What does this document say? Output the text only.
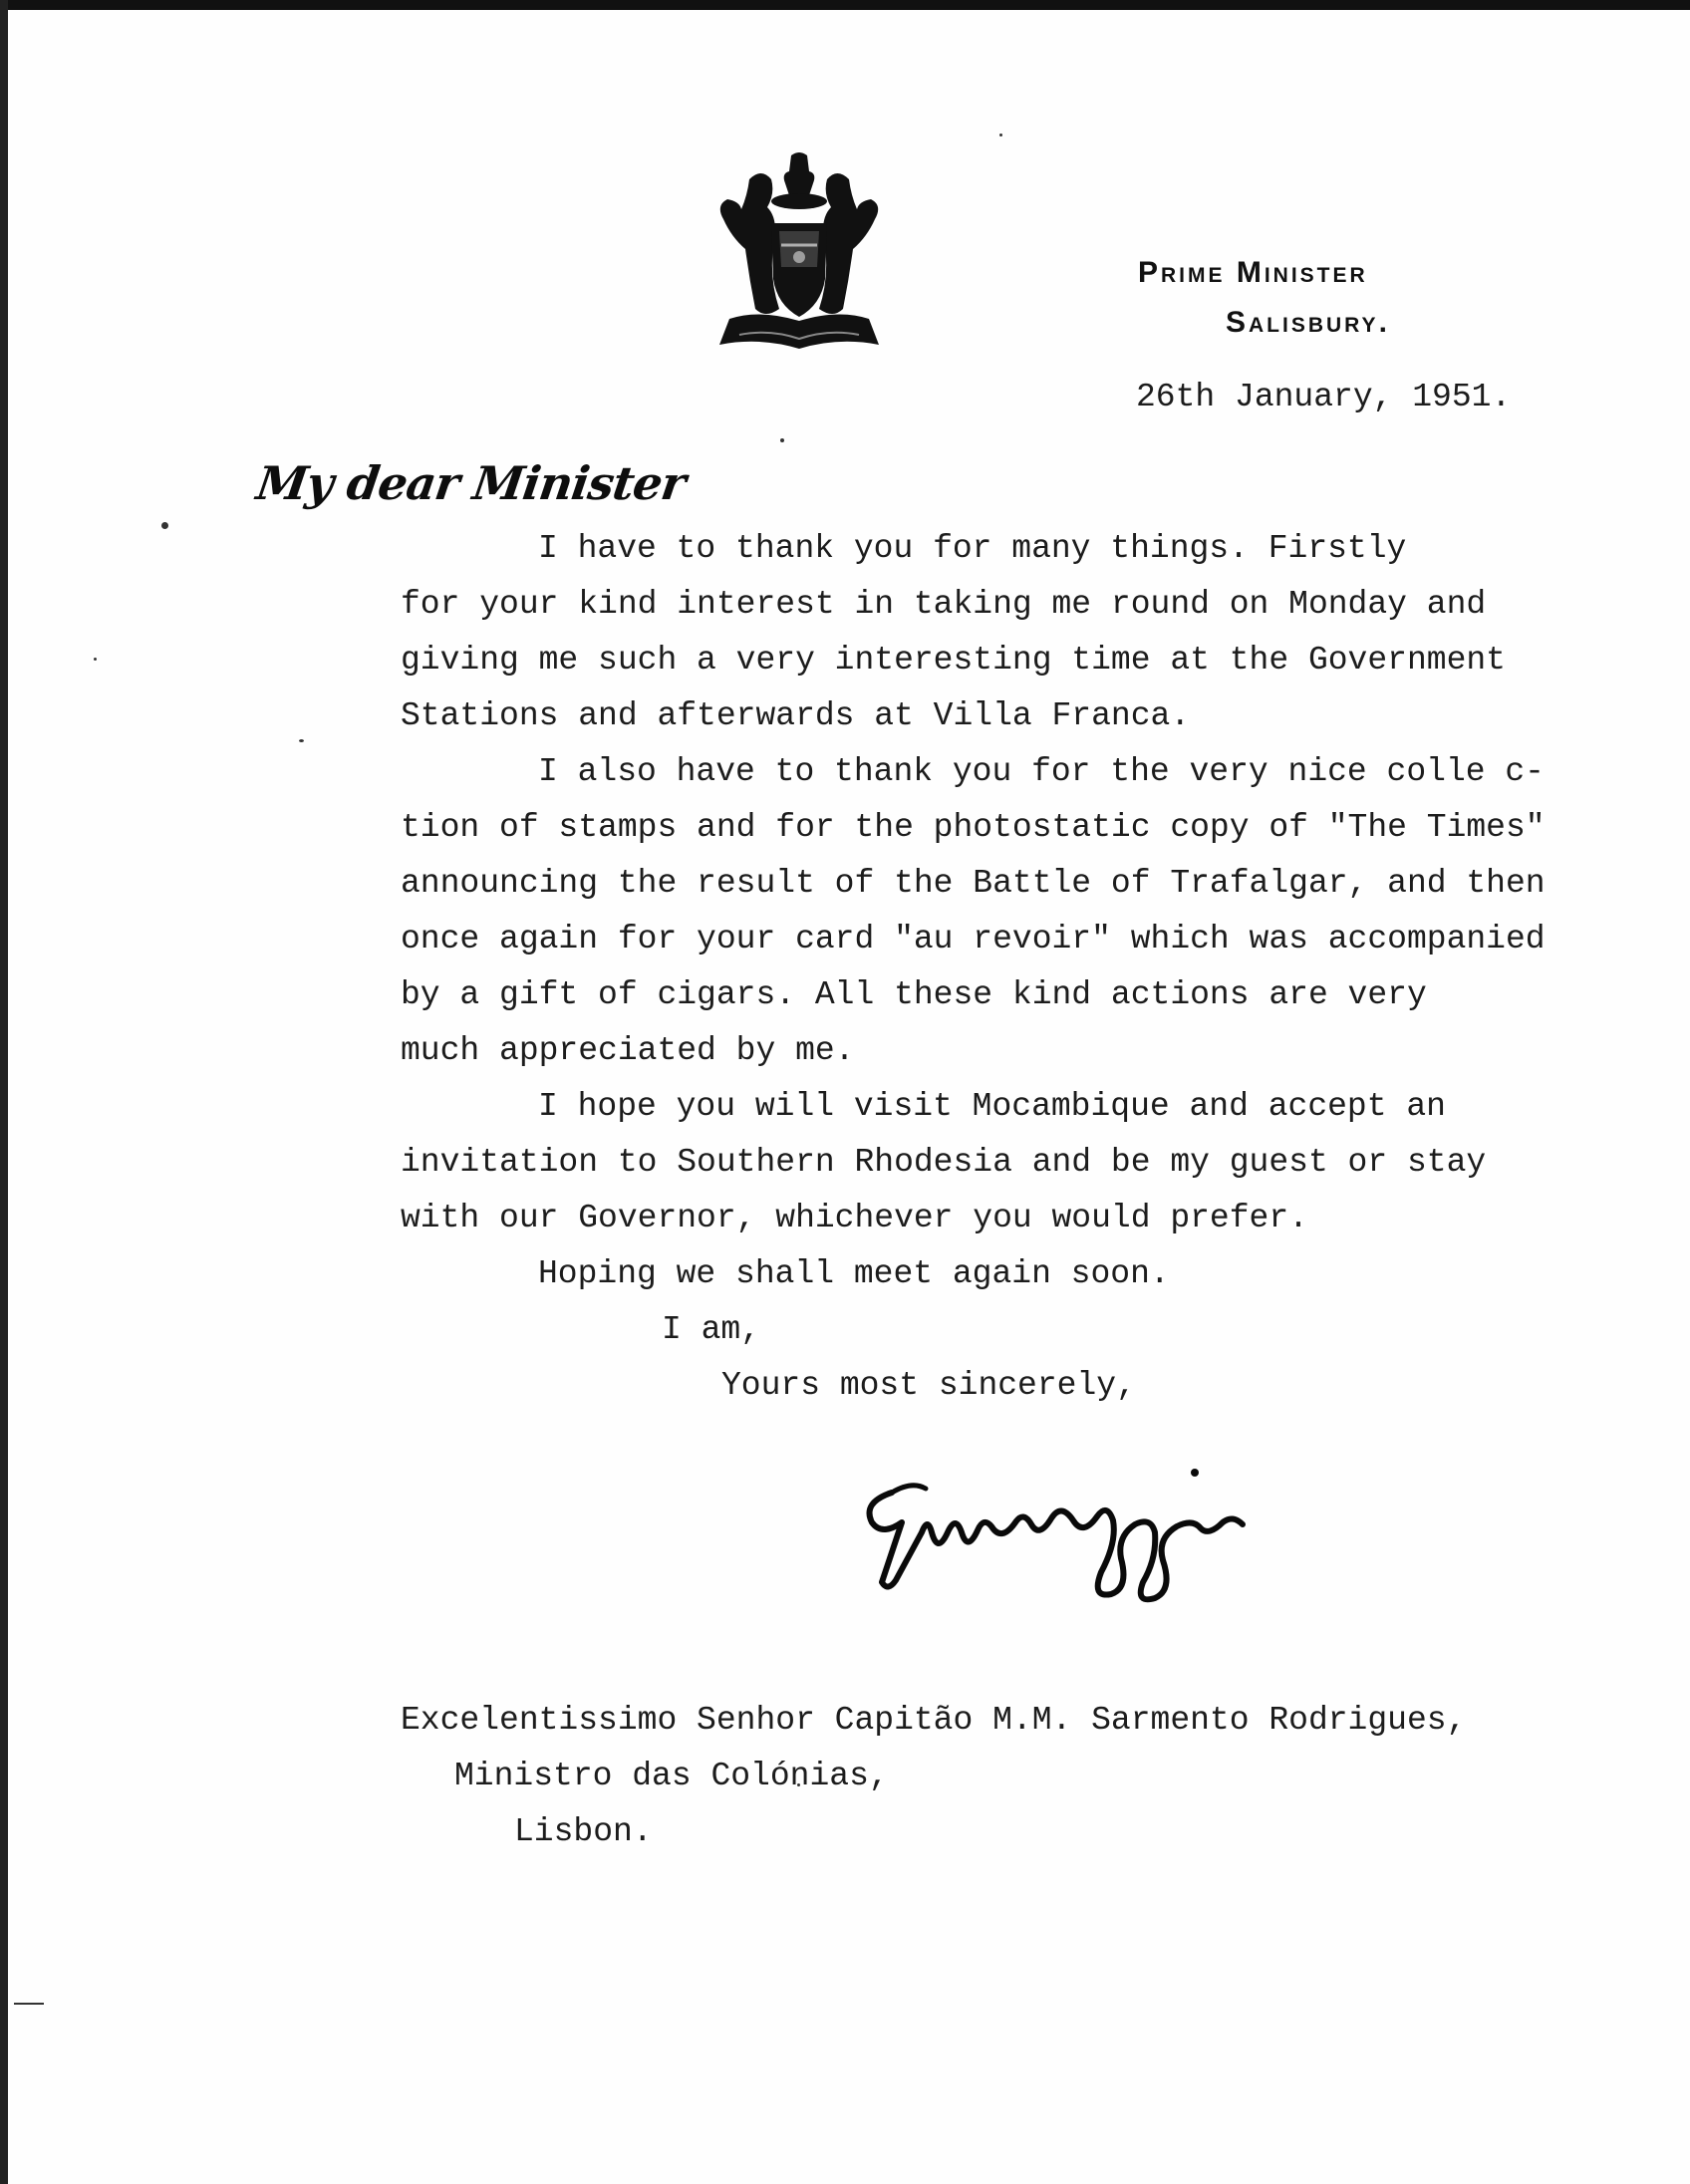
Prime Minister
Salisbury.
26th January, 1951.
My dear Minister
I have to thank you for many things. Firstly
for your kind interest in taking me round on Monday and
giving me such a very interesting time at the Government
Stations and afterwards at Villa Franca.
I also have to thank you for the very nice colle c-
tion of stamps and for the photostatic copy of "The Times"
announcing the result of the Battle of Trafalgar, and then
once again for your card "au revoir" which was accompanied
by a gift of cigars. All these kind actions are very
much appreciated by me.
I hope you will visit Mocambique and accept an
invitation to Southern Rhodesia and be my guest or stay
with our Governor, whichever you would prefer.
Hoping we shall meet again soon.
I am,
Yours most sincerely,
Excelentissimo Senhor Capitão M.M. Sarmento Rodrigues,
Ministro das Colónias,
Lisbon.
